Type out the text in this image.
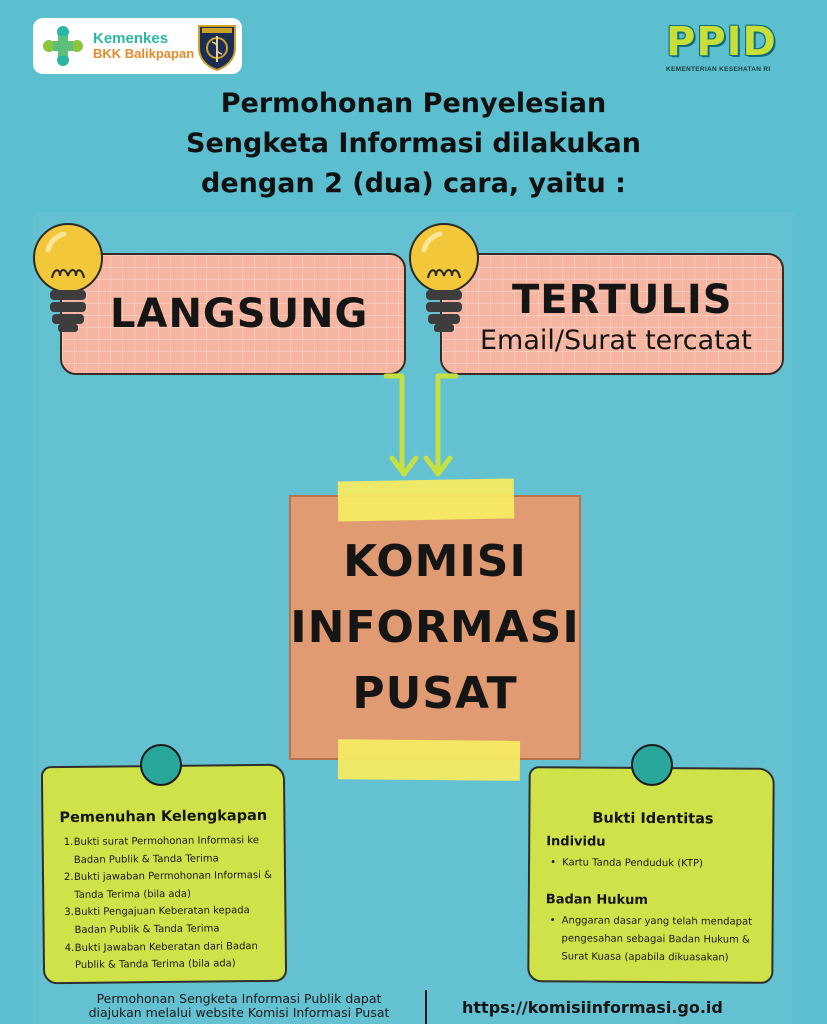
Kemenkes
BKK Balikpapan	PPID
KEMENTERIAN KESEHATAN RI
Permohonan Penyelesian
Sengketa Informasi dilakukan
dengan 2 (dua) cara, yaitu :
LANGSUNG	TERTULIS
Email/Surat tercatat
KOMISI
INFORMASI
PUSAT
Pemenuhan Kelengkapan
1. Bukti surat Permohonan Informasi ke Badan Publik & Tanda Terima
2. Bukti jawaban Permohonan Informasi & Tanda Terima (bila ada)
3. Bukti Pengajuan Keberatan kepada Badan Publik & Tanda Terima
4. Bukti Jawaban Keberatan dari Badan Publik & Tanda Terima (bila ada)
Bukti Identitas
Individu
• Kartu Tanda Penduduk (KTP)
Badan Hukum
• Anggaran dasar yang telah mendapat pengesahan sebagai Badan Hukum & Surat Kuasa (apabila dikuasakan)
Permohonan Sengketa Informasi Publik dapat
diajukan melalui website Komisi Informasi Pusat	https://komisiinformasi.go.id
